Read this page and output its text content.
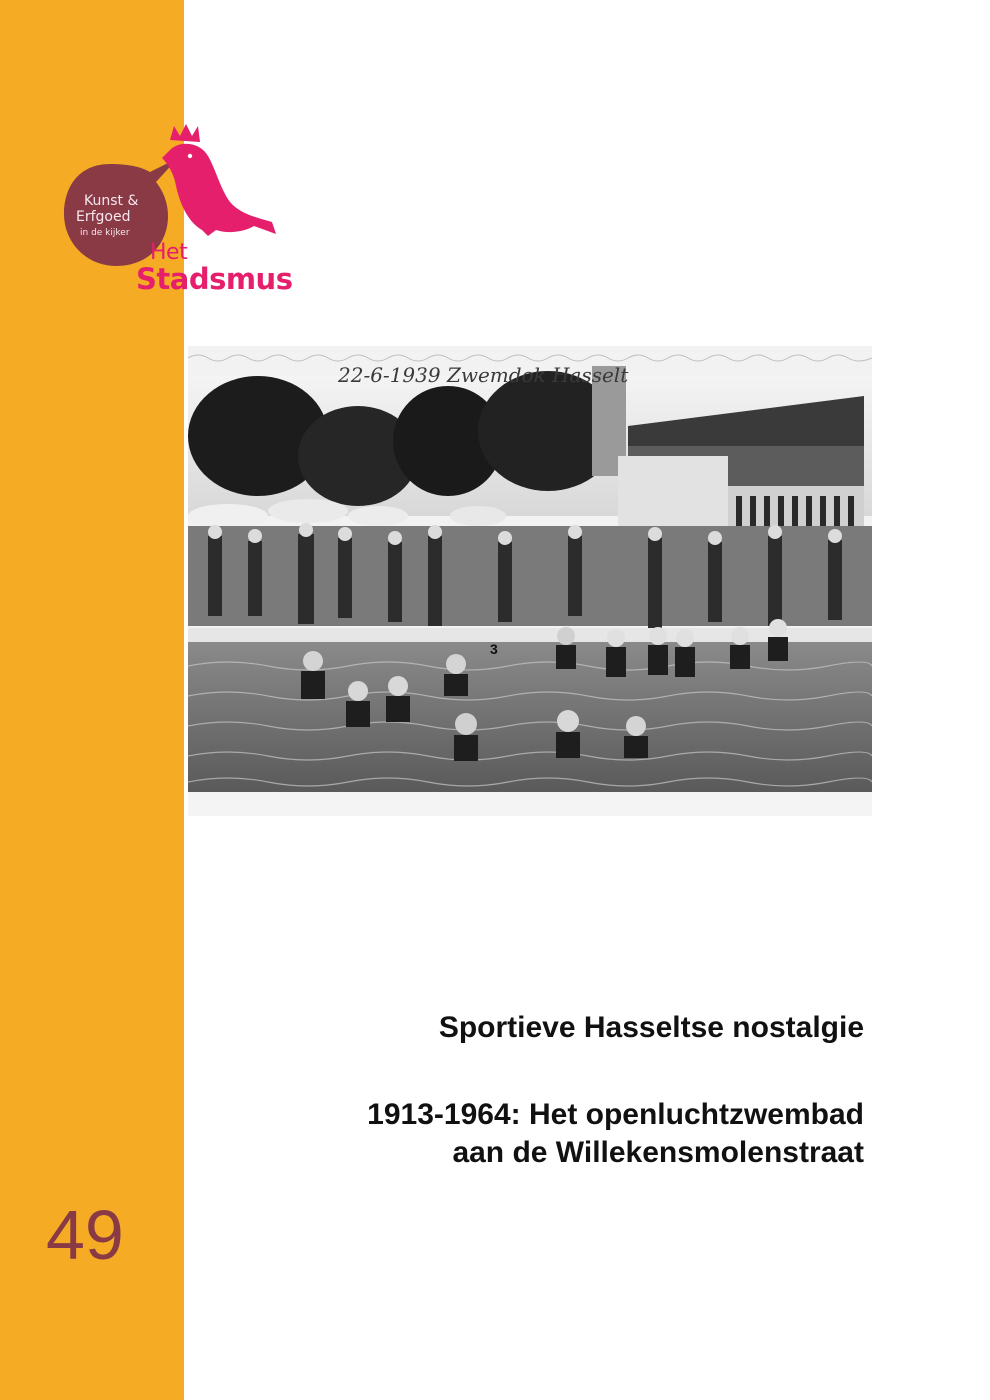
Kunst &
Erfgoed
in de kijker
Het
Stadsmus
22-6-1939 Zwemdok Hasselt
3

Sportieve Hasseltse nostalgie

1913-1964: Het openluchtzwembad
aan de Willekensmolenstraat

49
